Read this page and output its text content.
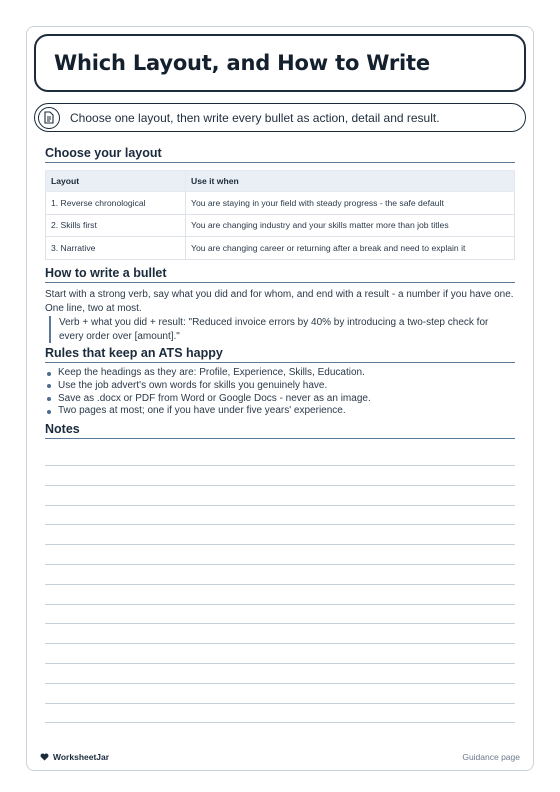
Which Layout, and How to Write
Choose one layout, then write every bullet as action, detail and result.
Choose your layout
Layout	Use it when
1. Reverse chronological	You are staying in your field with steady progress - the safe default
2. Skills first	You are changing industry and your skills matter more than job titles
3. Narrative	You are changing career or returning after a break and need to explain it
How to write a bullet
Start with a strong verb, say what you did and for whom, and end with a result - a number if you have one. One line, two at most.
Verb + what you did + result: "Reduced invoice errors by 40% by introducing a two-step check for every order over [amount]."
Rules that keep an ATS happy
Keep the headings as they are: Profile, Experience, Skills, Education.
Use the job advert's own words for skills you genuinely have.
Save as .docx or PDF from Word or Google Docs - never as an image.
Two pages at most; one if you have under five years' experience.
Notes
WorksheetJar	Guidance page
